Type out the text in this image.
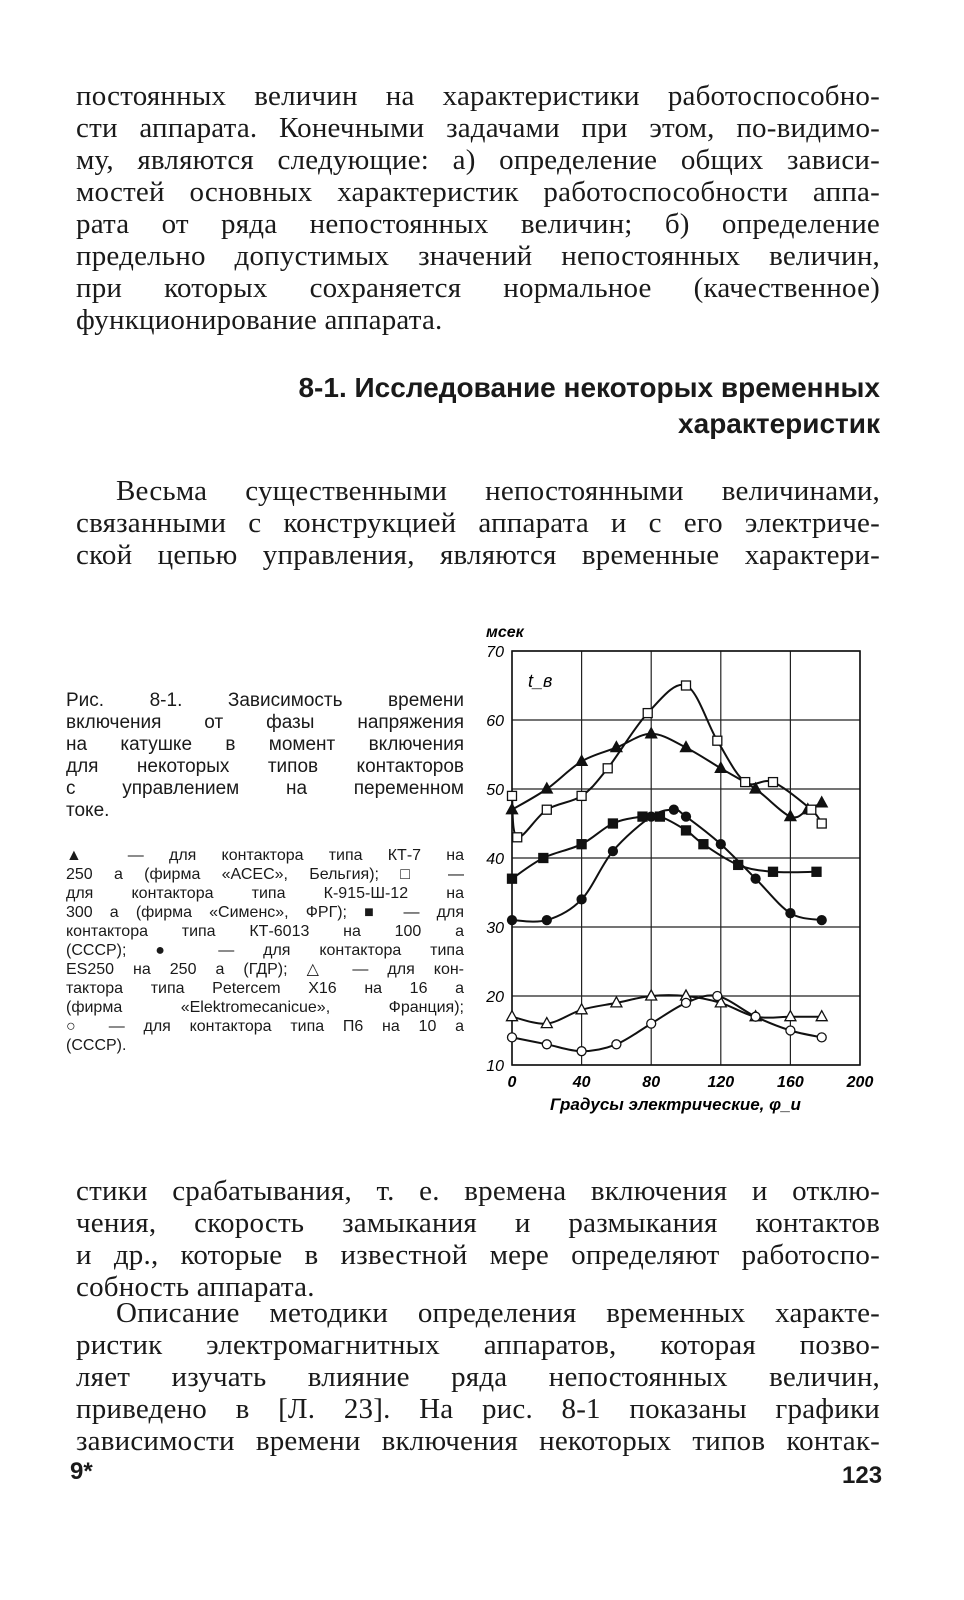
постоянных величин на характеристики работоспособно-
сти аппарата. Конечными задачами при этом, по-видимо-
му, являются следующие: а) определение общих зависи-
мостей основных характеристик работоспособности аппа-
рата от ряда непостоянных величин; б) определение
предельно допустимых значений непостоянных величин,
при которых сохраняется нормальное (качественное)
функционирование аппарата.
8-1. Исследование некоторых временных
характеристик
Весьма существенными непостоянными величинами,
связанными с конструкцией аппарата и с его электриче-
ской цепью управления, являются временные характери-
Рис. 8-1. Зависимость времени
включения от фазы напряжения
на катушке в момент включения
для некоторых типов контакторов
с управлением на переменном
токе.
▲ — для контактора типа КТ-7 на
250 а (фирма «АСЕС», Бельгия); □ —
для контактора типа К-915-Ш-12 на
300 а (фирма «Сименс», ФРГ); ■ — для
контактора типа КТ-6013 на 100 а
(СССР); ● — для контактора типа
ES250 на 250 а (ГДР); △ — для кон-
тактора типа Petercem X16 на 16 а
(фирма «Elektromecanicue», Франция);
○ — для контактора типа П6 на 10 а
(СССР).
0	40	80	120	160	200
10
20
30
40
50
60
70
мсек
t_в
Градусы электрические, φ_u
стики срабатывания, т. е. времена включения и отклю-
чения, скорость замыкания и размыкания контактов
и др., которые в известной мере определяют работоспо-
собность аппарата.
Описание методики определения временных характе-
ристик электромагнитных аппаратов, которая позво-
ляет изучать влияние ряда непостоянных величин,
приведено в [Л. 23]. На рис. 8-1 показаны графики
зависимости времени включения некоторых типов контак-
9*	123
